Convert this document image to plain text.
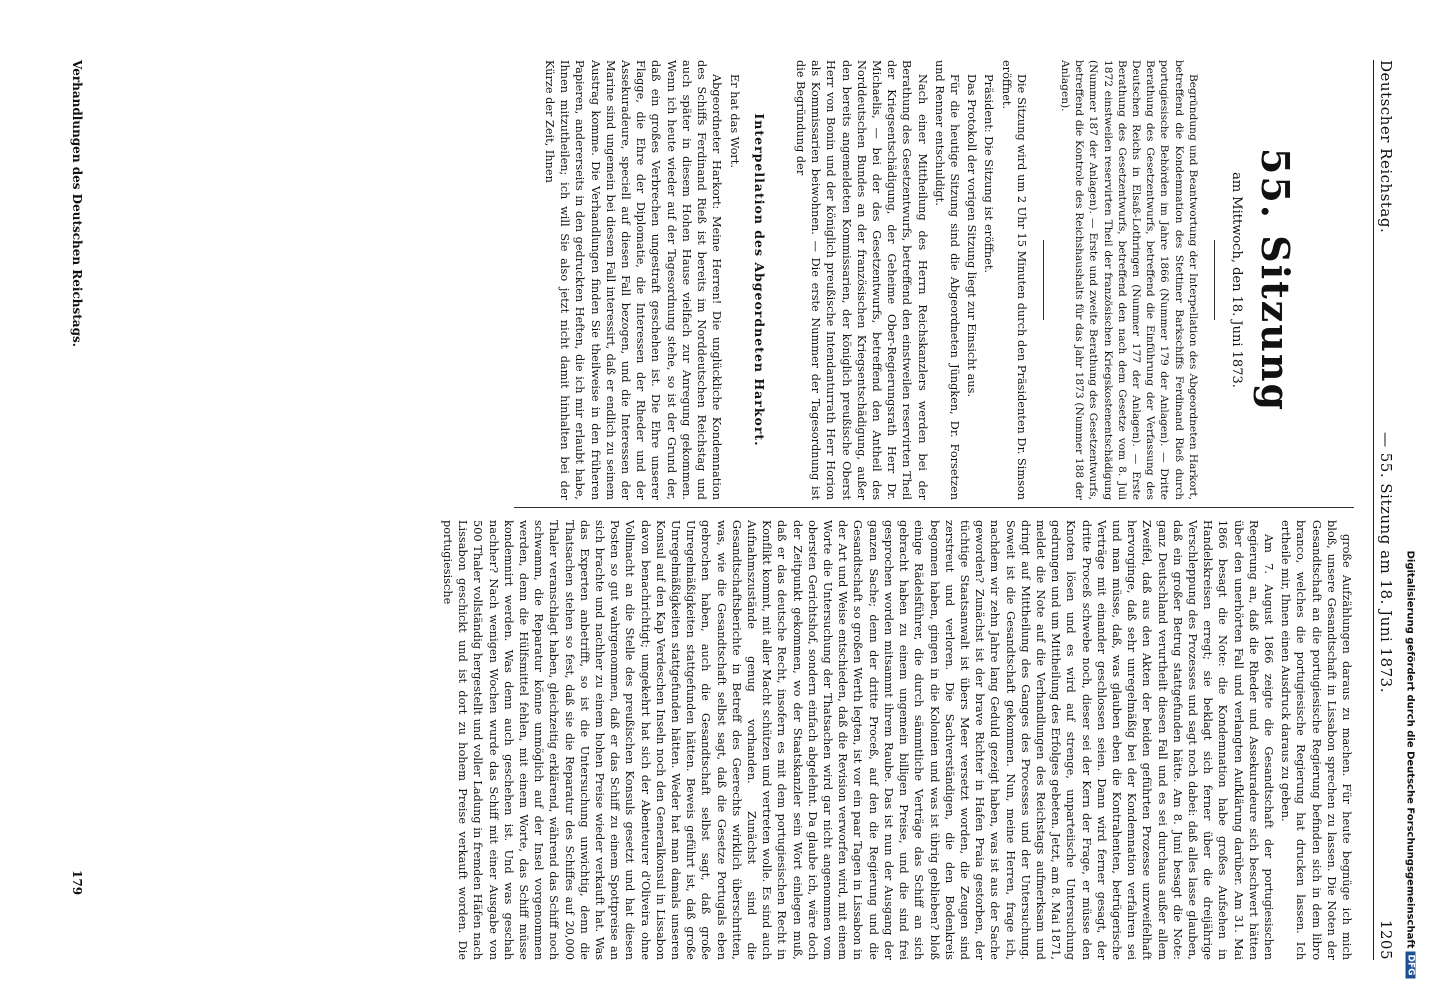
Deutscher Reichstag.
— 55. Sitzung am 18. Juni 1873.
1205
55. Sitzung
am Mittwoch, den 18. Juni 1873.

Begründung und Beantwortung der Interpellation des Abgeordneten Harkort, betreffend die Kondemnation des Stettiner Barkschiffs Ferdinand Rieß durch portugiesische Behörden im Jahre 1866 (Nummer 179 der Anlagen). — Dritte Berathung des Gesetzentwurfs, betreffend die Einführung der Verfassung des Deutschen Reichs in Elsaß-Lothringen (Nummer 177 der Anlagen). — Erste Berathung des Gesetzentwurfs, betreffend den nach dem Gesetze vom 8. Juli 1872 einstweilen reservirten Theil der französischen Kriegskostenentschädigung (Nummer 187 der Anlagen). — Erste und zweite Berathung des Gesetzentwurfs, betreffend die Kontrole des Reichshaushalts für das Jahr 1873 (Nummer 188 der Anlagen).

Die Sitzung wird um 2 Uhr 15 Minuten durch den Präsidenten Dr. Simson eröffnet.

Präsident: Die Sitzung ist eröffnet.

Das Protokoll der vorigen Sitzung liegt zur Einsicht aus.

Für die heutige Sitzung sind die Abgeordneten Jüngken, Dr. Forsetzen und Renner entschuldigt.

Nach einer Mittheilung des Herrn Reichskanzlers werden bei der Berathung des Gesetzentwurfs, betreffend den einstweilen reservirten Theil der Kriegsentschädigung, der Geheime Ober-Regierungsrath Herr Dr. Michaelis, — bei der des Gesetzentwurfs, betreffend den Antheil des Norddeutschen Bundes an der französischen Kriegsentschädigung, außer den bereits angemeldeten Kommissarien, der königlich preußische Oberst Herr von Bonin und der königlich preußische Intendanturrath Herr Horion als Kommissarien beiwohnen. — Die erste Nummer der Tagesordnung ist die Begründung der

Interpellation des Abgeordneten Harkort.

Er hat das Wort.

Abgeordneter Harkort: Meine Herren! Die unglückliche Kondemnation des Schiffs Ferdinand Rieß ist bereits im Norddeutschen Reichstag und auch später in diesem Hohen Hause vielfach zur Anregung gekommen. Wenn ich heute wieder auf der Tagesordnung stehe, so ist der Grund der, daß ein großes Verbrechen ungestraft geschehen ist. Die Ehre unserer Flagge, die Ehre der Diplomatie, die Interessen der Rheder und der Assekuradeure, speciell auf diesen Fall bezogen, und die Interessen der Marine sind ungemein bei diesem Fall interessirt, daß er endlich zu seinem Austrag komme. Die Verhandlungen finden Sie theilweise in den früheren Papieren, andererseits in den gedruckten Heften, die ich mir erlaubt habe, Ihnen mitzutheilen; ich will Sie also jetzt nicht damit hinhalten bei der Kürze der Zeit, Ihnen

große Aufzählungen daraus zu machen. Für heute begnüge ich mich bloß, unsere Gesandtschaft in Lissabon sprechen zu lassen. Die Noten der Gesandtschaft an die portugiesische Regierung befinden sich in dem libro branco, welches die portugiesische Regierung hat drucken lassen. Ich ertheile mir, Ihnen einen Ausdruck daraus zu geben.

Am 7. August 1866 zeigte die Gesandtschaft der portugiesischen Regierung an, daß die Rheder und Assekuradeure sich beschwert hätten über den unerhörten Fall und verlangten Aufklärung darüber. Am 31. Mai 1866 besagt die Note: die Kondemnation habe großes Aufsehen in Handelskreisen erregt; sie beklagt sich ferner über die dreijährige Verschleppung des Prozesses und sagt noch dabei: daß alles lasse glauben, daß ein großer Betrug stattgefunden hätte. Am 8. Juni besagt die Note: ganz Deutschland verurtheilt diesen Fall und es sei durchaus außer allem Zweifel, daß aus den Akten der beiden geführten Prozesse unzweifelhaft hervorginge, daß sehr unregelmäßig bei der Kondemnation verfahren sei und man müsse, daß, was glauben eben die Kontrahenten, betrügerische Verträge mit einander geschlossen seien. Dann wird ferner gesagt, der dritte Proceß schwebe noch, dieser sei der Kern der Frage, er müsse den Knoten lösen und es wird auf strenge, unparteiische Untersuchung gedrungen und um Mittheilung des Erfolges gebeten. Jetzt, am 8. Mai 1871, meldet die Note auf die Verhandlungen des Reichstags aufmerksam und dringt auf Mittheilung des Ganges des Processes und der Untersuchung. Soweit ist die Gesandtschaft gekommen. Nun, meine Herren, frage ich, nachdem wir zehn Jahre lang Geduld gezeigt haben, was ist aus der Sache geworden? Zunächst ist der brave Richter in Hafen Praia gestorben, der tüchtige Staatsanwalt ist übers Meer versetzt worden, die Zeugen sind zerstreut und verloren. Die Sachverständigen, die den Bodenkreis begonnen haben, gingen in die Kolonien und was ist übrig geblieben? bloß einige Rädelsführer, die durch sämmtliche Verträge das Schiff an sich gebracht haben zu einem ungemein billigen Preise, und die sind frei gesprochen worden mitsammt ihrem Raube. Das ist nun der Ausgang der ganzen Sache; denn der dritte Proceß, auf den die Regierung und die Gesandtschaft so großen Werth legten, ist vor ein paar Tagen in Lissabon in der Art und Weise entschieden, daß die Revision verworfen wird, mit einem Worte die Untersuchung der Thatsachen wird gar nicht angenommen vom obersten Gerichtshof, sondern einfach abgelehnt. Da glaube ich, wäre doch der Zeitpunkt gekommen, wo der Staatskanzler sein Wort einlegen muß, daß er das deutsche Recht, insofern es mit dem portugiesischen Recht in Konflikt kommt, mit aller Macht schützen und vertreten wolle. Es sind auch Aufnahmszustände genug vorhanden. Zunächst sind die Gesandtschaftsberichte in Betreff des Geerechts wirklich überschritten, was, wie die Gesandtschaft selbst sagt, daß die Gesetze Portugals eben gebrochen haben, auch die Gesandtschaft selbst sagt, daß große Unregelmäßigkeiten stattgefunden hätten. Beweis geführt ist, daß große Unregelmäßigkeiten stattgefunden hätten. Weder hat man damals unseren Konsul auf den Kap Verdeschen Inseln noch den Generalkonsul in Lissabon davon benachrichtigt; umgekehrt hat sich der Abenteurer d'Oliveira ohne Vollmacht an die Stelle des preußischen Konsuls gesetzt und hat diesen Posten so gut wahrgenommen, daß er das Schiff zu einem Spottpreise an sich brachte und nachher zu einem hohen Preise wieder verkauft hat. Was das Experten anbetrifft, so ist die Untersuchung unwichtig, denn die Thatsachen stehen so fest, daß sie die Reparatur des Schiffes auf 20,000 Thaler veranschlagt haben, gleichzeitig erklärend, während das Schiff noch schwamm, die Reparatur könne unmöglich auf der Insel vorgenommen werden, denn die Hülfsmittel fehlen, mit einem Worte, das Schiff müsse kondemnirt werden. Was denn auch geschehen ist. Und was geschah nachher? Nach wenigen Wochen wurde das Schiff mit einer Ausgabe von 500 Thaler vollständig hergestellt und voller Ladung in fremden Häfen nach Lissabon geschickt und ist dort zu hohem Preise verkauft worden. Die portugiesische

Verhandlungen des Deutschen Reichstags.
179	Digitalisierung gefördert durch die Deutsche ForschungsgemeinschaftDFG
